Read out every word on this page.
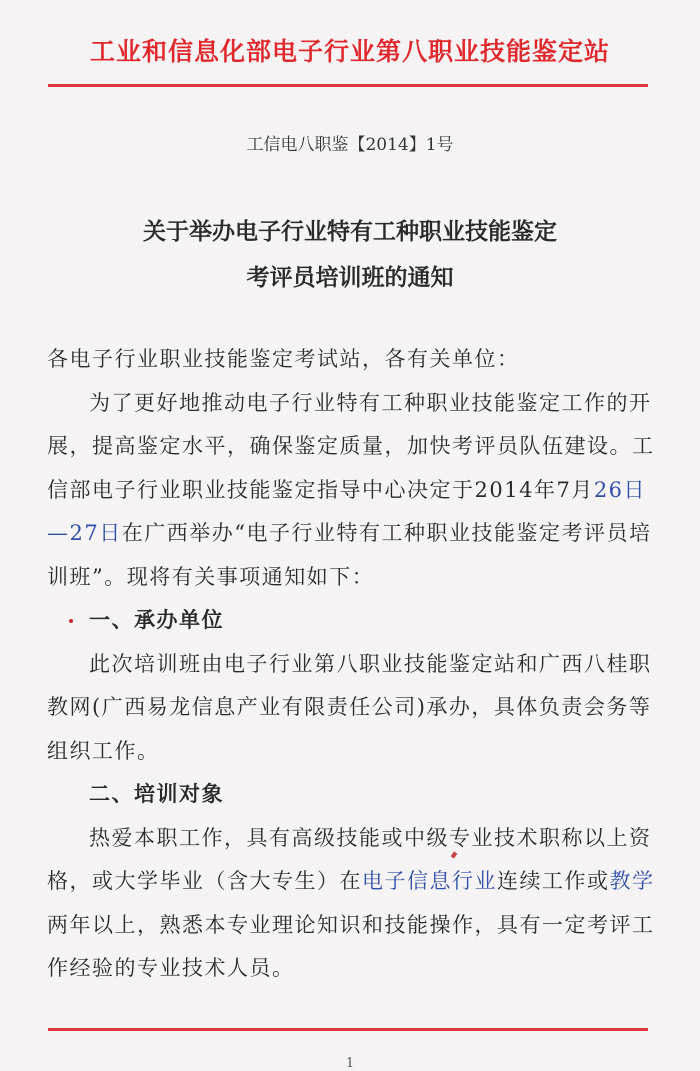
工业和信息化部电子行业第八职业技能鉴定站
工信电八职鉴【2014】1号
关于举办电子行业特有工种职业技能鉴定
考评员培训班的通知

各电子行业职业技能鉴定考试站，各有关单位：

为了更好地推动电子行业特有工种职业技能鉴定工作的开展，提高鉴定水平，确保鉴定质量，加快考评员队伍建设。工信部电子行业职业技能鉴定指导中心决定于2014年7月26日—27日在广西举办“电子行业特有工种职业技能鉴定考评员培训班”。现将有关事项通知如下：

一、承办单位

此次培训班由电子行业第八职业技能鉴定站和广西八桂职教网(广西易龙信息产业有限责任公司)承办，具体负责会务等组织工作。

二、培训对象

热爱本职工作，具有高级技能或中级专业技术职称以上资格，或大学毕业（含大专生）在电子信息行业连续工作或教学两年以上，熟悉本专业理论知识和技能操作，具有一定考评工作经验的专业技术人员。

1
